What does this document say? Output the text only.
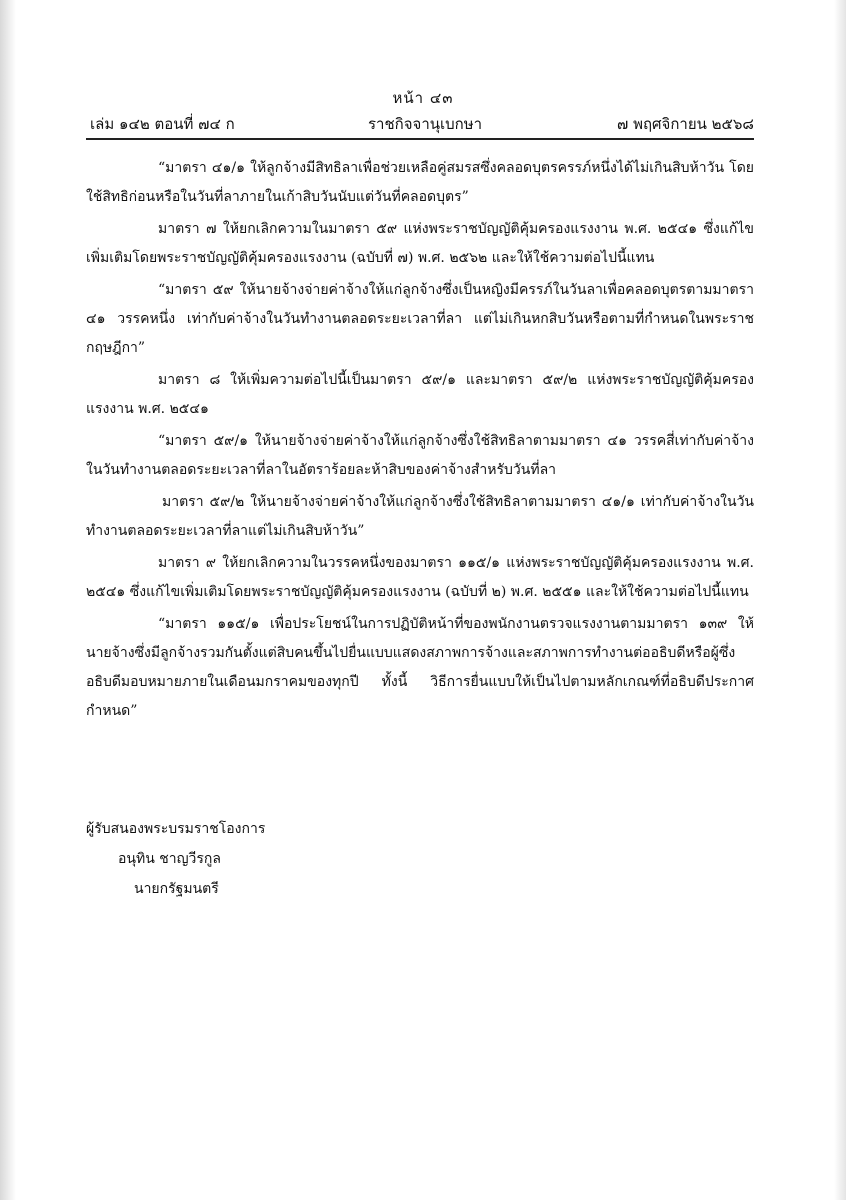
หน้า ๔๓
เล่ม ๑๔๒ ตอนที่ ๗๔ ก	ราชกิจจานุเบกษา	๗ พฤศจิกายน ๒๕๖๘

“มาตรา ๔๑/๑ ให้ลูกจ้างมีสิทธิลาเพื่อช่วยเหลือคู่สมรสซึ่งคลอดบุตรครรภ์หนึ่งได้ไม่เกินสิบห้าวัน โดยใช้สิทธิก่อนหรือในวันที่ลาภายในเก้าสิบวันนับแต่วันที่คลอดบุตร”

มาตรา ๗ ให้ยกเลิกความในมาตรา ๕๙ แห่งพระราชบัญญัติคุ้มครองแรงงาน พ.ศ. ๒๕๔๑ ซึ่งแก้ไขเพิ่มเติมโดยพระราชบัญญัติคุ้มครองแรงงาน (ฉบับที่ ๗) พ.ศ. ๒๕๖๒ และให้ใช้ความต่อไปนี้แทน

“มาตรา ๕๙ ให้นายจ้างจ่ายค่าจ้างให้แก่ลูกจ้างซึ่งเป็นหญิงมีครรภ์ในวันลาเพื่อคลอดบุตรตามมาตรา ๔๑ วรรคหนึ่ง เท่ากับค่าจ้างในวันทำงานตลอดระยะเวลาที่ลา แต่ไม่เกินหกสิบวันหรือตามที่กำหนดในพระราชกฤษฎีกา”

มาตรา ๘ ให้เพิ่มความต่อไปนี้เป็นมาตรา ๕๙/๑ และมาตรา ๕๙/๒ แห่งพระราชบัญญัติคุ้มครองแรงงาน พ.ศ. ๒๕๔๑

“มาตรา ๕๙/๑ ให้นายจ้างจ่ายค่าจ้างให้แก่ลูกจ้างซึ่งใช้สิทธิลาตามมาตรา ๔๑ วรรคสี่เท่ากับค่าจ้างในวันทำงานตลอดระยะเวลาที่ลาในอัตราร้อยละห้าสิบของค่าจ้างสำหรับวันที่ลา

มาตรา ๕๙/๒ ให้นายจ้างจ่ายค่าจ้างให้แก่ลูกจ้างซึ่งใช้สิทธิลาตามมาตรา ๔๑/๑ เท่ากับค่าจ้างในวันทำงานตลอดระยะเวลาที่ลาแต่ไม่เกินสิบห้าวัน”

มาตรา ๙ ให้ยกเลิกความในวรรคหนึ่งของมาตรา ๑๑๕/๑ แห่งพระราชบัญญัติคุ้มครองแรงงาน พ.ศ. ๒๕๔๑ ซึ่งแก้ไขเพิ่มเติมโดยพระราชบัญญัติคุ้มครองแรงงาน (ฉบับที่ ๒) พ.ศ. ๒๕๕๑ และให้ใช้ความต่อไปนี้แทน

“มาตรา ๑๑๕/๑ เพื่อประโยชน์ในการปฏิบัติหน้าที่ของพนักงานตรวจแรงงานตามมาตรา ๑๓๙ ให้นายจ้างซึ่งมีลูกจ้างรวมกันตั้งแต่สิบคนขึ้นไปยื่นแบบแสดงสภาพการจ้างและสภาพการทำงานต่ออธิบดีหรือผู้ซึ่งอธิบดีมอบหมายภายในเดือนมกราคมของทุกปี ทั้งนี้ วิธีการยื่นแบบให้เป็นไปตามหลักเกณฑ์ที่อธิบดีประกาศกำหนด”

ผู้รับสนองพระบรมราชโองการ
อนุทิน ชาญวีรกูล
นายกรัฐมนตรี
